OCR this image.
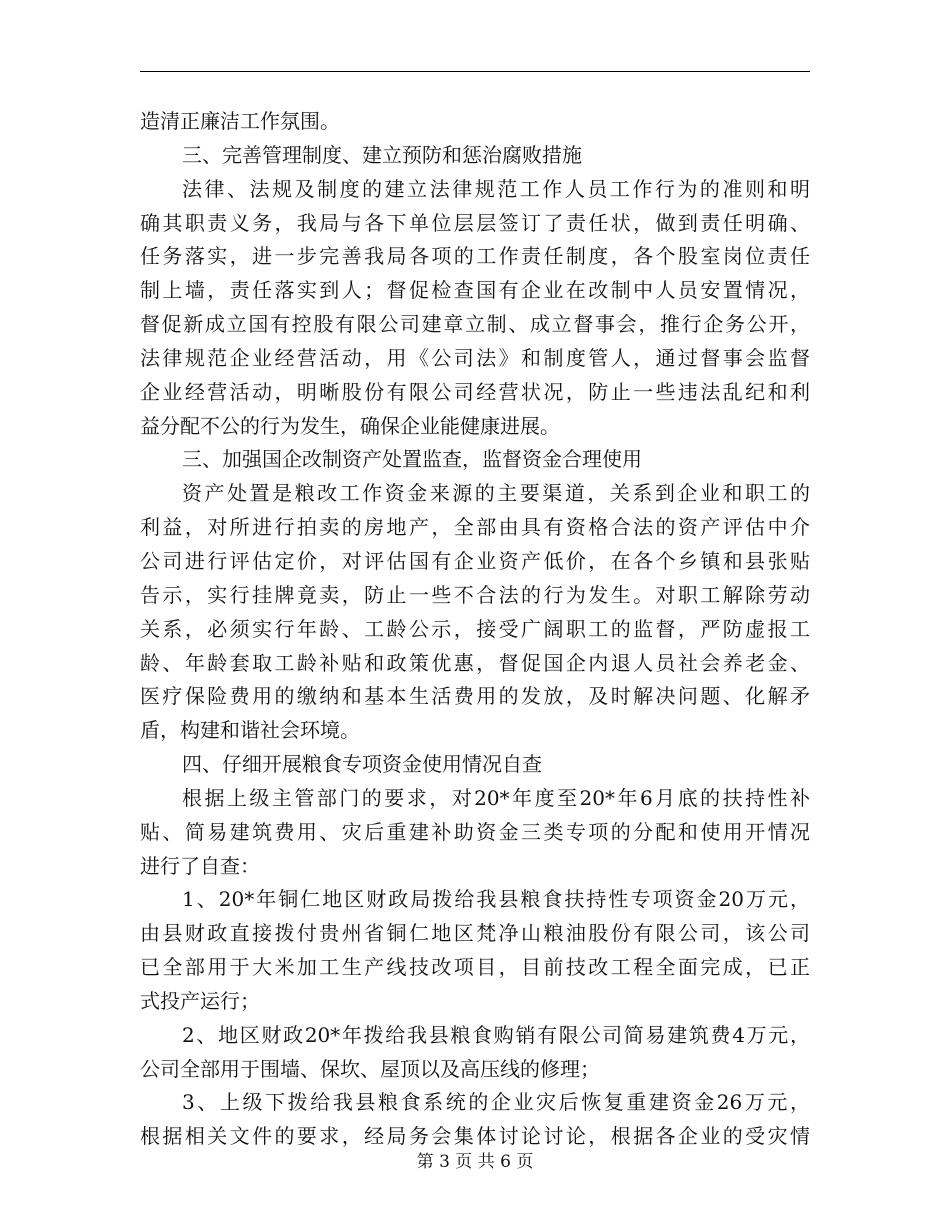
造清正廉洁工作氛围。
三、完善管理制度、建立预防和惩治腐败措施
法律、法规及制度的建立法律规范工作人员工作行为的准则和明
确其职责义务，我局与各下单位层层签订了责任状，做到责任明确、
任务落实，进一步完善我局各项的工作责任制度，各个股室岗位责任
制上墙，责任落实到人；督促检查国有企业在改制中人员安置情况，
督促新成立国有控股有限公司建章立制、成立督事会，推行企务公开，
法律规范企业经营活动，用《公司法》和制度管人，通过督事会监督
企业经营活动，明晰股份有限公司经营状况，防止一些违法乱纪和利
益分配不公的行为发生，确保企业能健康进展。
三、加强国企改制资产处置监查，监督资金合理使用
资产处置是粮改工作资金来源的主要渠道，关系到企业和职工的
利益，对所进行拍卖的房地产，全部由具有资格合法的资产评估中介
公司进行评估定价，对评估国有企业资产低价，在各个乡镇和县张贴
告示，实行挂牌竟卖，防止一些不合法的行为发生。对职工解除劳动
关系，必须实行年龄、工龄公示，接受广阔职工的监督，严防虚报工
龄、年龄套取工龄补贴和政策优惠，督促国企内退人员社会养老金、
医疗保险费用的缴纳和基本生活费用的发放，及时解决问题、化解矛
盾，构建和谐社会环境。
四、仔细开展粮食专项资金使用情况自查
根据上级主管部门的要求，对20*年度至20*年6月底的扶持性补
贴、简易建筑费用、灾后重建补助资金三类专项的分配和使用开情况
进行了自查：
1、20*年铜仁地区财政局拨给我县粮食扶持性专项资金20万元，
由县财政直接拨付贵州省铜仁地区梵净山粮油股份有限公司，该公司
已全部用于大米加工生产线技改项目，目前技改工程全面完成，已正
式投产运行；
2、地区财政20*年拨给我县粮食购销有限公司简易建筑费4万元，
公司全部用于围墙、保坎、屋顶以及高压线的修理；
3、上级下拨给我县粮食系统的企业灾后恢复重建资金26万元，
根据相关文件的要求，经局务会集体讨论讨论，根据各企业的受灾情
第 3 页 共 6 页
